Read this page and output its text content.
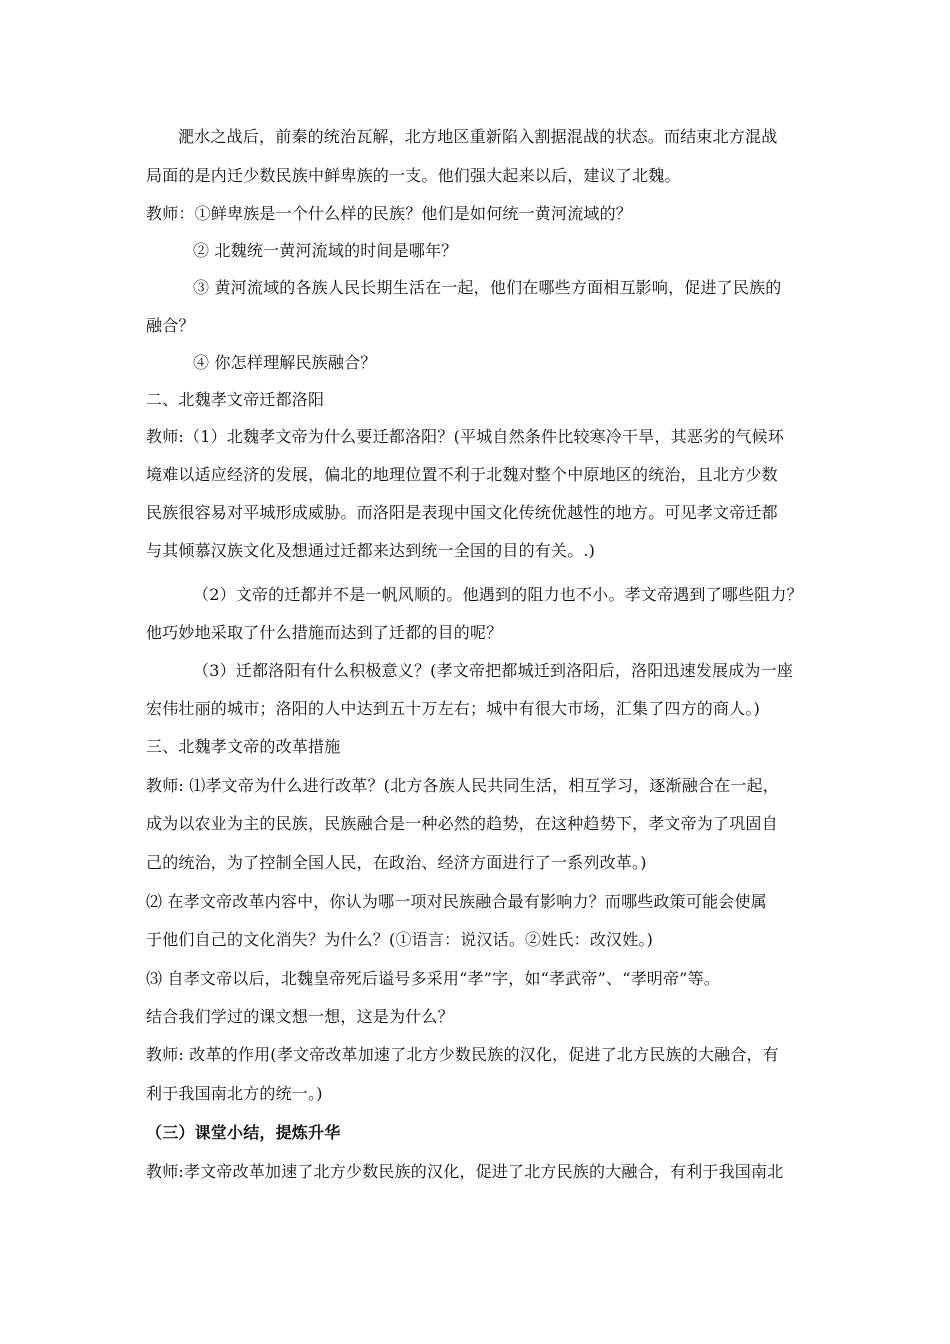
淝水之战后，前秦的统治瓦解，北方地区重新陷入割据混战的状态。而结束北方混战
局面的是内迁少数民族中鲜卑族的一支。他们强大起来以后，建议了北魏。
教师：①鲜卑族是一个什么样的民族？他们是如何统一黄河流域的？
② 北魏统一黄河流域的时间是哪年？
③ 黄河流域的各族人民长期生活在一起，他们在哪些方面相互影响，促进了民族的
融合？
④ 你怎样理解民族融合？
二、北魏孝文帝迁都洛阳
教师:（1）北魏孝文帝为什么要迁都洛阳？(平城自然条件比较寒冷干旱，其恶劣的气候环
境难以适应经济的发展，偏北的地理位置不利于北魏对整个中原地区的统治，且北方少数
民族很容易对平城形成威胁。而洛阳是表现中国文化传统优越性的地方。可见孝文帝迁都
与其倾慕汉族文化及想通过迁都来达到统一全国的目的有关。.)
（2）文帝的迁都并不是一帆风顺的。他遇到的阻力也不小。孝文帝遇到了哪些阻力？
他巧妙地采取了什么措施而达到了迁都的目的呢？
（3）迁都洛阳有什么积极意义？(孝文帝把都城迁到洛阳后，洛阳迅速发展成为一座
宏伟壮丽的城市；洛阳的人中达到五十万左右；城中有很大市场，汇集了四方的商人。)
三、北魏孝文帝的改革措施
教师: ⑴孝文帝为什么进行改革？(北方各族人民共同生活，相互学习，逐渐融合在一起，
成为以农业为主的民族，民族融合是一种必然的趋势，在这种趋势下，孝文帝为了巩固自
己的统治，为了控制全国人民，在政治、经济方面进行了一系列改革。)
⑵ 在孝文帝改革内容中，你认为哪一项对民族融合最有影响力？而哪些政策可能会使属
于他们自己的文化消失？为什么？(①语言：说汉话。②姓氏：改汉姓。)
⑶ 自孝文帝以后，北魏皇帝死后谥号多采用“孝”字，如“孝武帝”、“孝明帝”等。
结合我们学过的课文想一想，这是为什么？
教师: 改革的作用(孝文帝改革加速了北方少数民族的汉化，促进了北方民族的大融合，有
利于我国南北方的统一。)
（三）课堂小结，提炼升华
教师:孝文帝改革加速了北方少数民族的汉化，促进了北方民族的大融合，有利于我国南北
